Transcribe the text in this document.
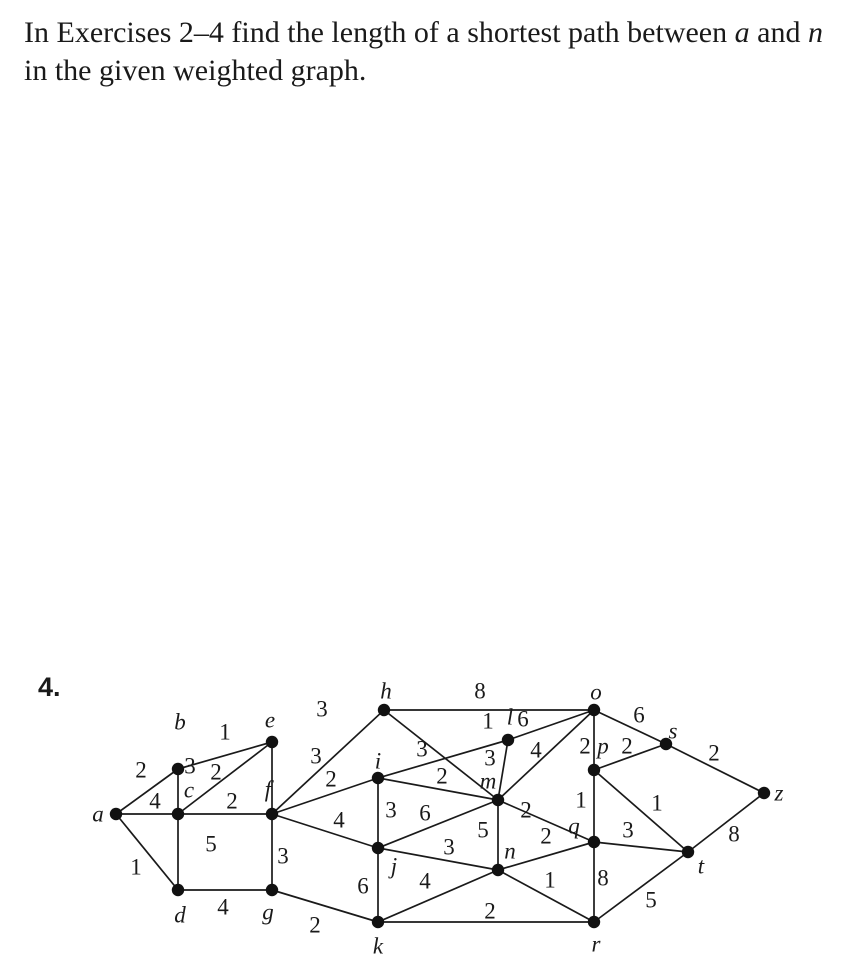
In Exercises 2–4 find the length of a shortest path between a and n in the given weighted graph.

4.
2
4
1
1
3 2
2
5
4
3
3
3
2
4
2
8
1
3
2
3 6
3
6 4
2
6
3 4
5
2
2
1
2
6
2
1	1
3
8
5
2
8
a
b
c
d
e
f
g
h
i
j
k
m
n
l
o
p
q
r
s
t
z
